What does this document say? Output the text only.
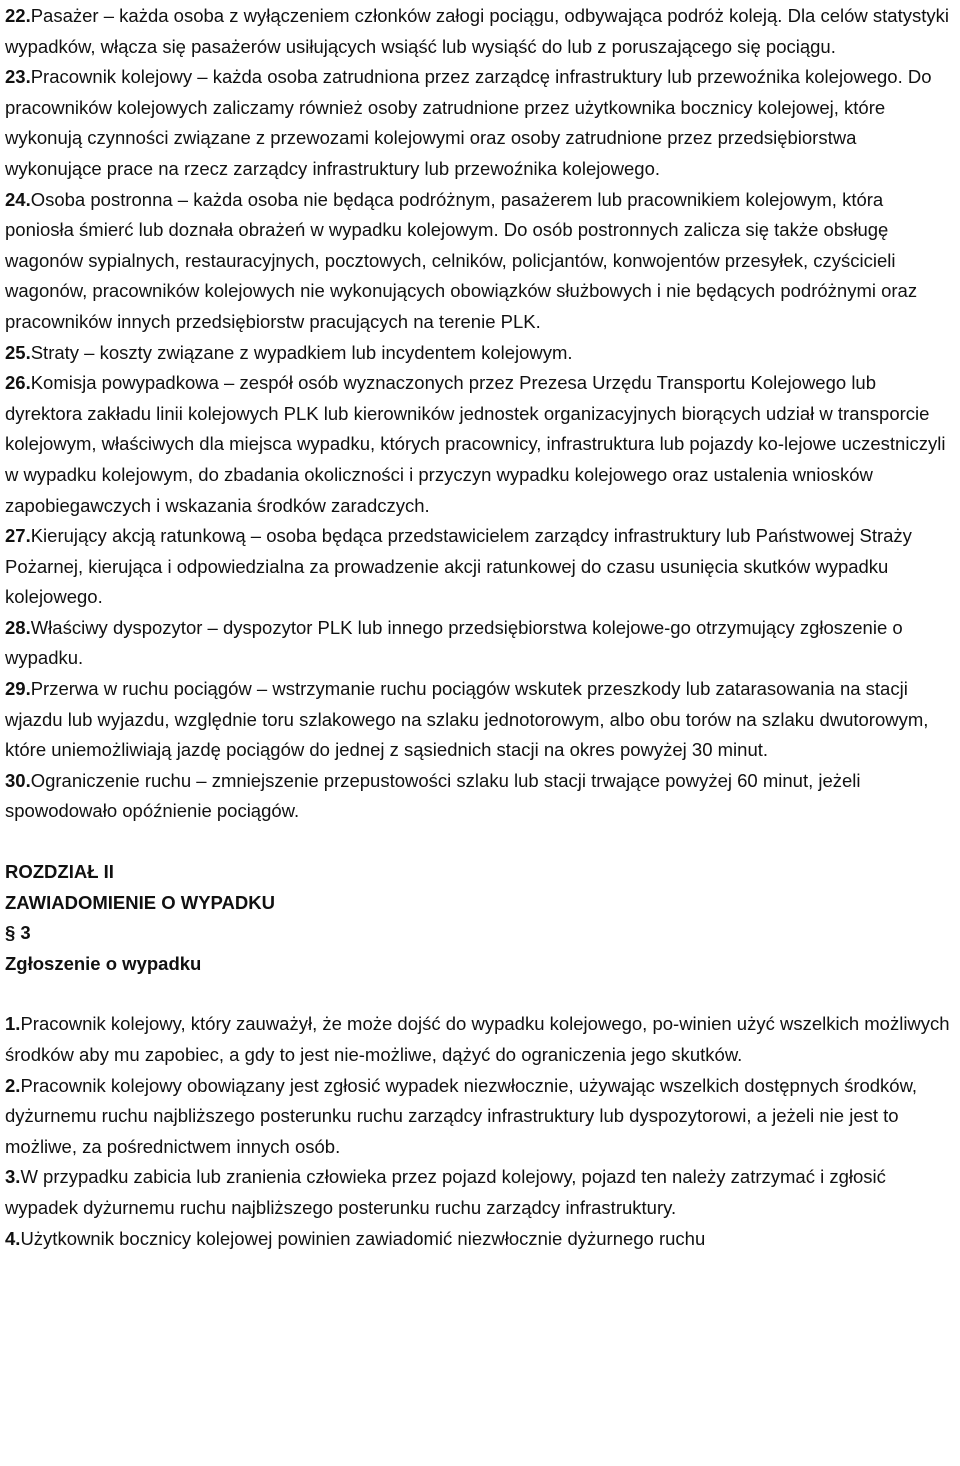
22.Pasażer – każda osoba z wyłączeniem członków załogi pociągu, odbywająca podróż koleją. Dla celów statystyki wypadków, włącza się pasażerów usiłujących wsiąść lub wysiąść do lub z poruszającego się pociągu.

23.Pracownik kolejowy – każda osoba zatrudniona przez zarządcę infrastruktury lub przewoźnika kolejowego. Do pracowników kolejowych zaliczamy również osoby zatrudnione przez użytkownika bocznicy kolejowej, które wykonują czynności związane z przewozami kolejowymi oraz osoby zatrudnione przez przedsiębiorstwa wykonujące prace na rzecz zarządcy infrastruktury lub przewoźnika kolejowego.

24.Osoba postronna – każda osoba nie będąca podróżnym, pasażerem lub pracownikiem kolejowym, która poniosła śmierć lub doznała obrażeń w wypadku kolejowym. Do osób postronnych zalicza się także obsługę wagonów sypialnych, restauracyjnych, pocztowych, celników, policjantów, konwojentów przesyłek, czyścicieli wagonów, pracowników kolejowych nie wykonujących obowiązków służbowych i nie będących podróżnymi oraz pracowników innych przedsiębiorstw pracujących na terenie PLK.

25.Straty – koszty związane z wypadkiem lub incydentem kolejowym.

26.Komisja powypadkowa – zespół osób wyznaczonych przez Prezesa Urzędu Transportu Kolejowego lub dyrektora zakładu linii kolejowych PLK lub kierowników jednostek organizacyjnych biorących udział w transporcie kolejowym, właściwych dla miejsca wypadku, których pracownicy, infrastruktura lub pojazdy ko-lejowe uczestniczyli w wypadku kolejowym, do zbadania okoliczności i przyczyn wypadku kolejowego oraz ustalenia wniosków zapobiegawczych i wskazania środków zaradczych.

27.Kierujący akcją ratunkową – osoba będąca przedstawicielem zarządcy infrastruktury lub Państwowej Straży Pożarnej, kierująca i odpowiedzialna za prowadzenie akcji ratunkowej do czasu usunięcia skutków wypadku kolejowego.

28.Właściwy dyspozytor – dyspozytor PLK lub innego przedsiębiorstwa kolejowe-go otrzymujący zgłoszenie o wypadku.

29.Przerwa w ruchu pociągów – wstrzymanie ruchu pociągów wskutek przeszkody lub zatarasowania na stacji wjazdu lub wyjazdu, względnie toru szlakowego na szlaku jednotorowym, albo obu torów na szlaku dwutorowym, które uniemożliwiają jazdę pociągów do jednej z sąsiednich stacji na okres powyżej 30 minut.

30.Ograniczenie ruchu – zmniejszenie przepustowości szlaku lub stacji trwające powyżej 60 minut, jeżeli spowodowało opóźnienie pociągów.

ROZDZIAŁ II

ZAWIADOMIENIE O WYPADKU

§ 3

Zgłoszenie o wypadku

1.Pracownik kolejowy, który zauważył, że może dojść do wypadku kolejowego, po-winien użyć wszelkich możliwych środków aby mu zapobiec, a gdy to jest nie-możliwe, dążyć do ograniczenia jego skutków.

2.Pracownik kolejowy obowiązany jest zgłosić wypadek niezwłocznie, używając wszelkich dostępnych środków, dyżurnemu ruchu najbliższego posterunku ruchu zarządcy infrastruktury lub dyspozytorowi, a jeżeli nie jest to możliwe, za pośrednictwem innych osób.

3.W przypadku zabicia lub zranienia człowieka przez pojazd kolejowy, pojazd ten należy zatrzymać i zgłosić wypadek dyżurnemu ruchu najbliższego posterunku ruchu zarządcy infrastruktury.

4.Użytkownik bocznicy kolejowej powinien zawiadomić niezwłocznie dyżurnego ruchu
